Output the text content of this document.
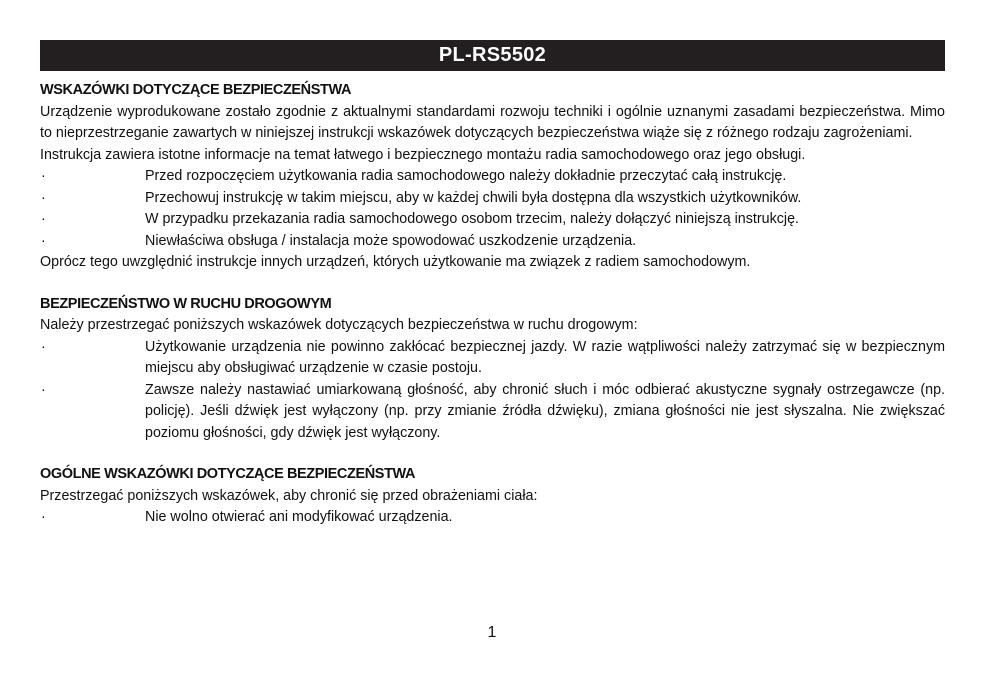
PL-RS5502

WSKAZÓWKI DOTYCZĄCE BEZPIECZEŃSTWA

Urządzenie wyprodukowane zostało zgodnie z aktualnymi standardami rozwoju techniki i ogólnie uznanymi zasadami bezpieczeństwa. Mimo to nieprzestrzeganie zawartych w niniejszej instrukcji wskazówek dotyczących bezpieczeństwa wiąże się z różnego rodzaju zagrożeniami.

Instrukcja zawiera istotne informacje na temat łatwego i bezpiecznego montażu radia samochodowego oraz jego obsługi.

·	Przed rozpoczęciem użytkowania radia samochodowego należy dokładnie przeczytać całą instrukcję.

·	Przechowuj instrukcję w takim miejscu, aby w każdej chwili była dostępna dla wszystkich użytkowników.

·	W przypadku przekazania radia samochodowego osobom trzecim, należy dołączyć niniejszą instrukcję.

·	Niewłaściwa obsługa / instalacja może spowodować uszkodzenie urządzenia.

Oprócz tego uwzględnić instrukcje innych urządzeń, których użytkowanie ma związek z radiem samochodowym.

BEZPIECZEŃSTWO W RUCHU DROGOWYM

Należy przestrzegać poniższych wskazówek dotyczących bezpieczeństwa w ruchu drogowym:

·	Użytkowanie urządzenia nie powinno zakłócać bezpiecznej jazdy. W razie wątpliwości należy zatrzymać się w bezpiecznym miejscu aby obsługiwać urządzenie w czasie postoju.

·	Zawsze należy nastawiać umiarkowaną głośność, aby chronić słuch i móc odbierać akustyczne sygnały ostrzegawcze (np. policję). Jeśli dźwięk jest wyłączony (np. przy zmianie źródła dźwięku), zmiana głośności nie jest słyszalna. Nie zwiększać poziomu głośności, gdy dźwięk jest wyłączony.

OGÓLNE WSKAZÓWKI DOTYCZĄCE BEZPIECZEŃSTWA

Przestrzegać poniższych wskazówek, aby chronić się przed obrażeniami ciała:

·	Nie wolno otwierać ani modyfikować urządzenia.

1
